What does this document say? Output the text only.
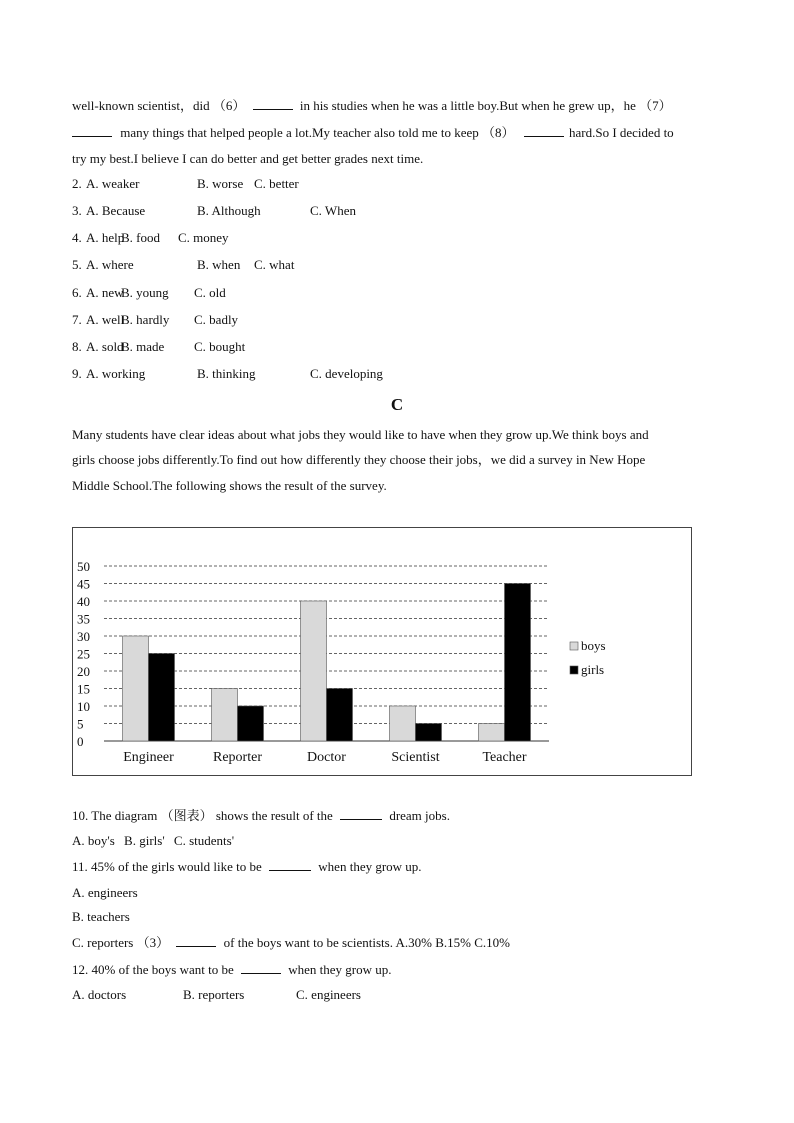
well-known scientist，did （6）	in his studies when he was a little boy.But when he grew up，he （7）
many things that helped people a lot.My teacher also told me to keep （8）	hard.So I decided to
try my best.I believe I can do better and get better grades next time.
2. A. weaker	B. worse C. better
3. A. Because	B. Although	C. When
4. A. helpB. food C. money
5. A. where	B. when C. what
6. A. newB. young C. old
7. A. wellB. hardly C. badly
8. A. soldB. made C. bought
9. A. working	B. thinking	C. developing
C
Many students have clear ideas about what jobs they would like to have when they grow up.We think boys and
girls choose jobs differently.To find out how differently they choose their jobs，we did a survey in New Hope
Middle School.The following shows the result of the survey.
0
5
10
15
20
25
30
35
40
45
50
Engineer	Reporter	Doctor	Scientist	Teacher
boys
girls
10. The diagram （图表） shows the result of the	dream jobs.
A. boy's B. girls' C. students'
11. 45% of the girls would like to be	when they grow up.
A. engineers
B. teachers
C. reporters （3）	of the boys want to be scientists. A.30% B.15% C.10%
12. 40% of the boys want to be	when they grow up.
A. doctors	B. reporters	C. engineers
